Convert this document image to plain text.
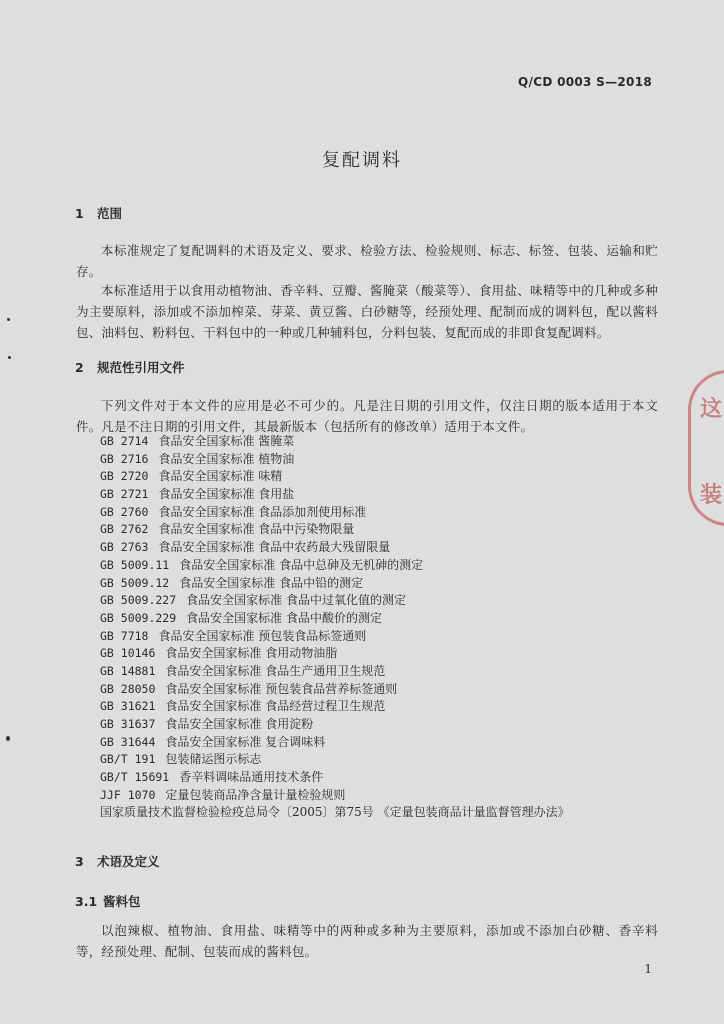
Q/CD 0003 S—2018
复配调料
1 范围
本标准规定了复配调料的术语及定义、要求、检验方法、检验规则、标志、标签、包装、运输和贮存。
本标准适用于以食用动植物油、香辛料、豆瓣、酱腌菜（酸菜等）、食用盐、味精等中的几种或多种为主要原料，添加或不添加榨菜、芽菜、黄豆酱、白砂糖等，经预处理、配制而成的调料包，配以酱料包、油料包、粉料包、干料包中的一种或几种辅料包，分料包装、复配而成的非即食复配调料。
2 规范性引用文件
下列文件对于本文件的应用是必不可少的。凡是注日期的引用文件，仅注日期的版本适用于本文件。凡是不注日期的引用文件，其最新版本（包括所有的修改单）适用于本文件。
GB 2714 食品安全国家标准 酱腌菜
GB 2716 食品安全国家标准 植物油
GB 2720 食品安全国家标准 味精
GB 2721 食品安全国家标准 食用盐
GB 2760 食品安全国家标准 食品添加剂使用标准
GB 2762 食品安全国家标准 食品中污染物限量
GB 2763 食品安全国家标准 食品中农药最大残留限量
GB 5009.11 食品安全国家标准 食品中总砷及无机砷的测定
GB 5009.12 食品安全国家标准 食品中铅的测定
GB 5009.227 食品安全国家标准 食品中过氧化值的测定
GB 5009.229 食品安全国家标准 食品中酸价的测定
GB 7718 食品安全国家标准 预包装食品标签通则
GB 10146 食品安全国家标准 食用动物油脂
GB 14881 食品安全国家标准 食品生产通用卫生规范
GB 28050 食品安全国家标准 预包装食品营养标签通则
GB 31621 食品安全国家标准 食品经营过程卫生规范
GB 31637 食品安全国家标准 食用淀粉
GB 31644 食品安全国家标准 复合调味料
GB/T 191 包装储运图示标志
GB/T 15691 香辛料调味品通用技术条件
JJF 1070 定量包装商品净含量计量检验规则
国家质量技术监督检验检疫总局令〔2005〕第75号 《定量包装商品计量监督管理办法》
3 术语及定义
3.1 酱料包
以泡辣椒、植物油、食用盐、味精等中的两种或多种为主要原料，添加或不添加白砂糖、香辛料等，经预处理、配制、包装而成的酱料包。
1
这
装
